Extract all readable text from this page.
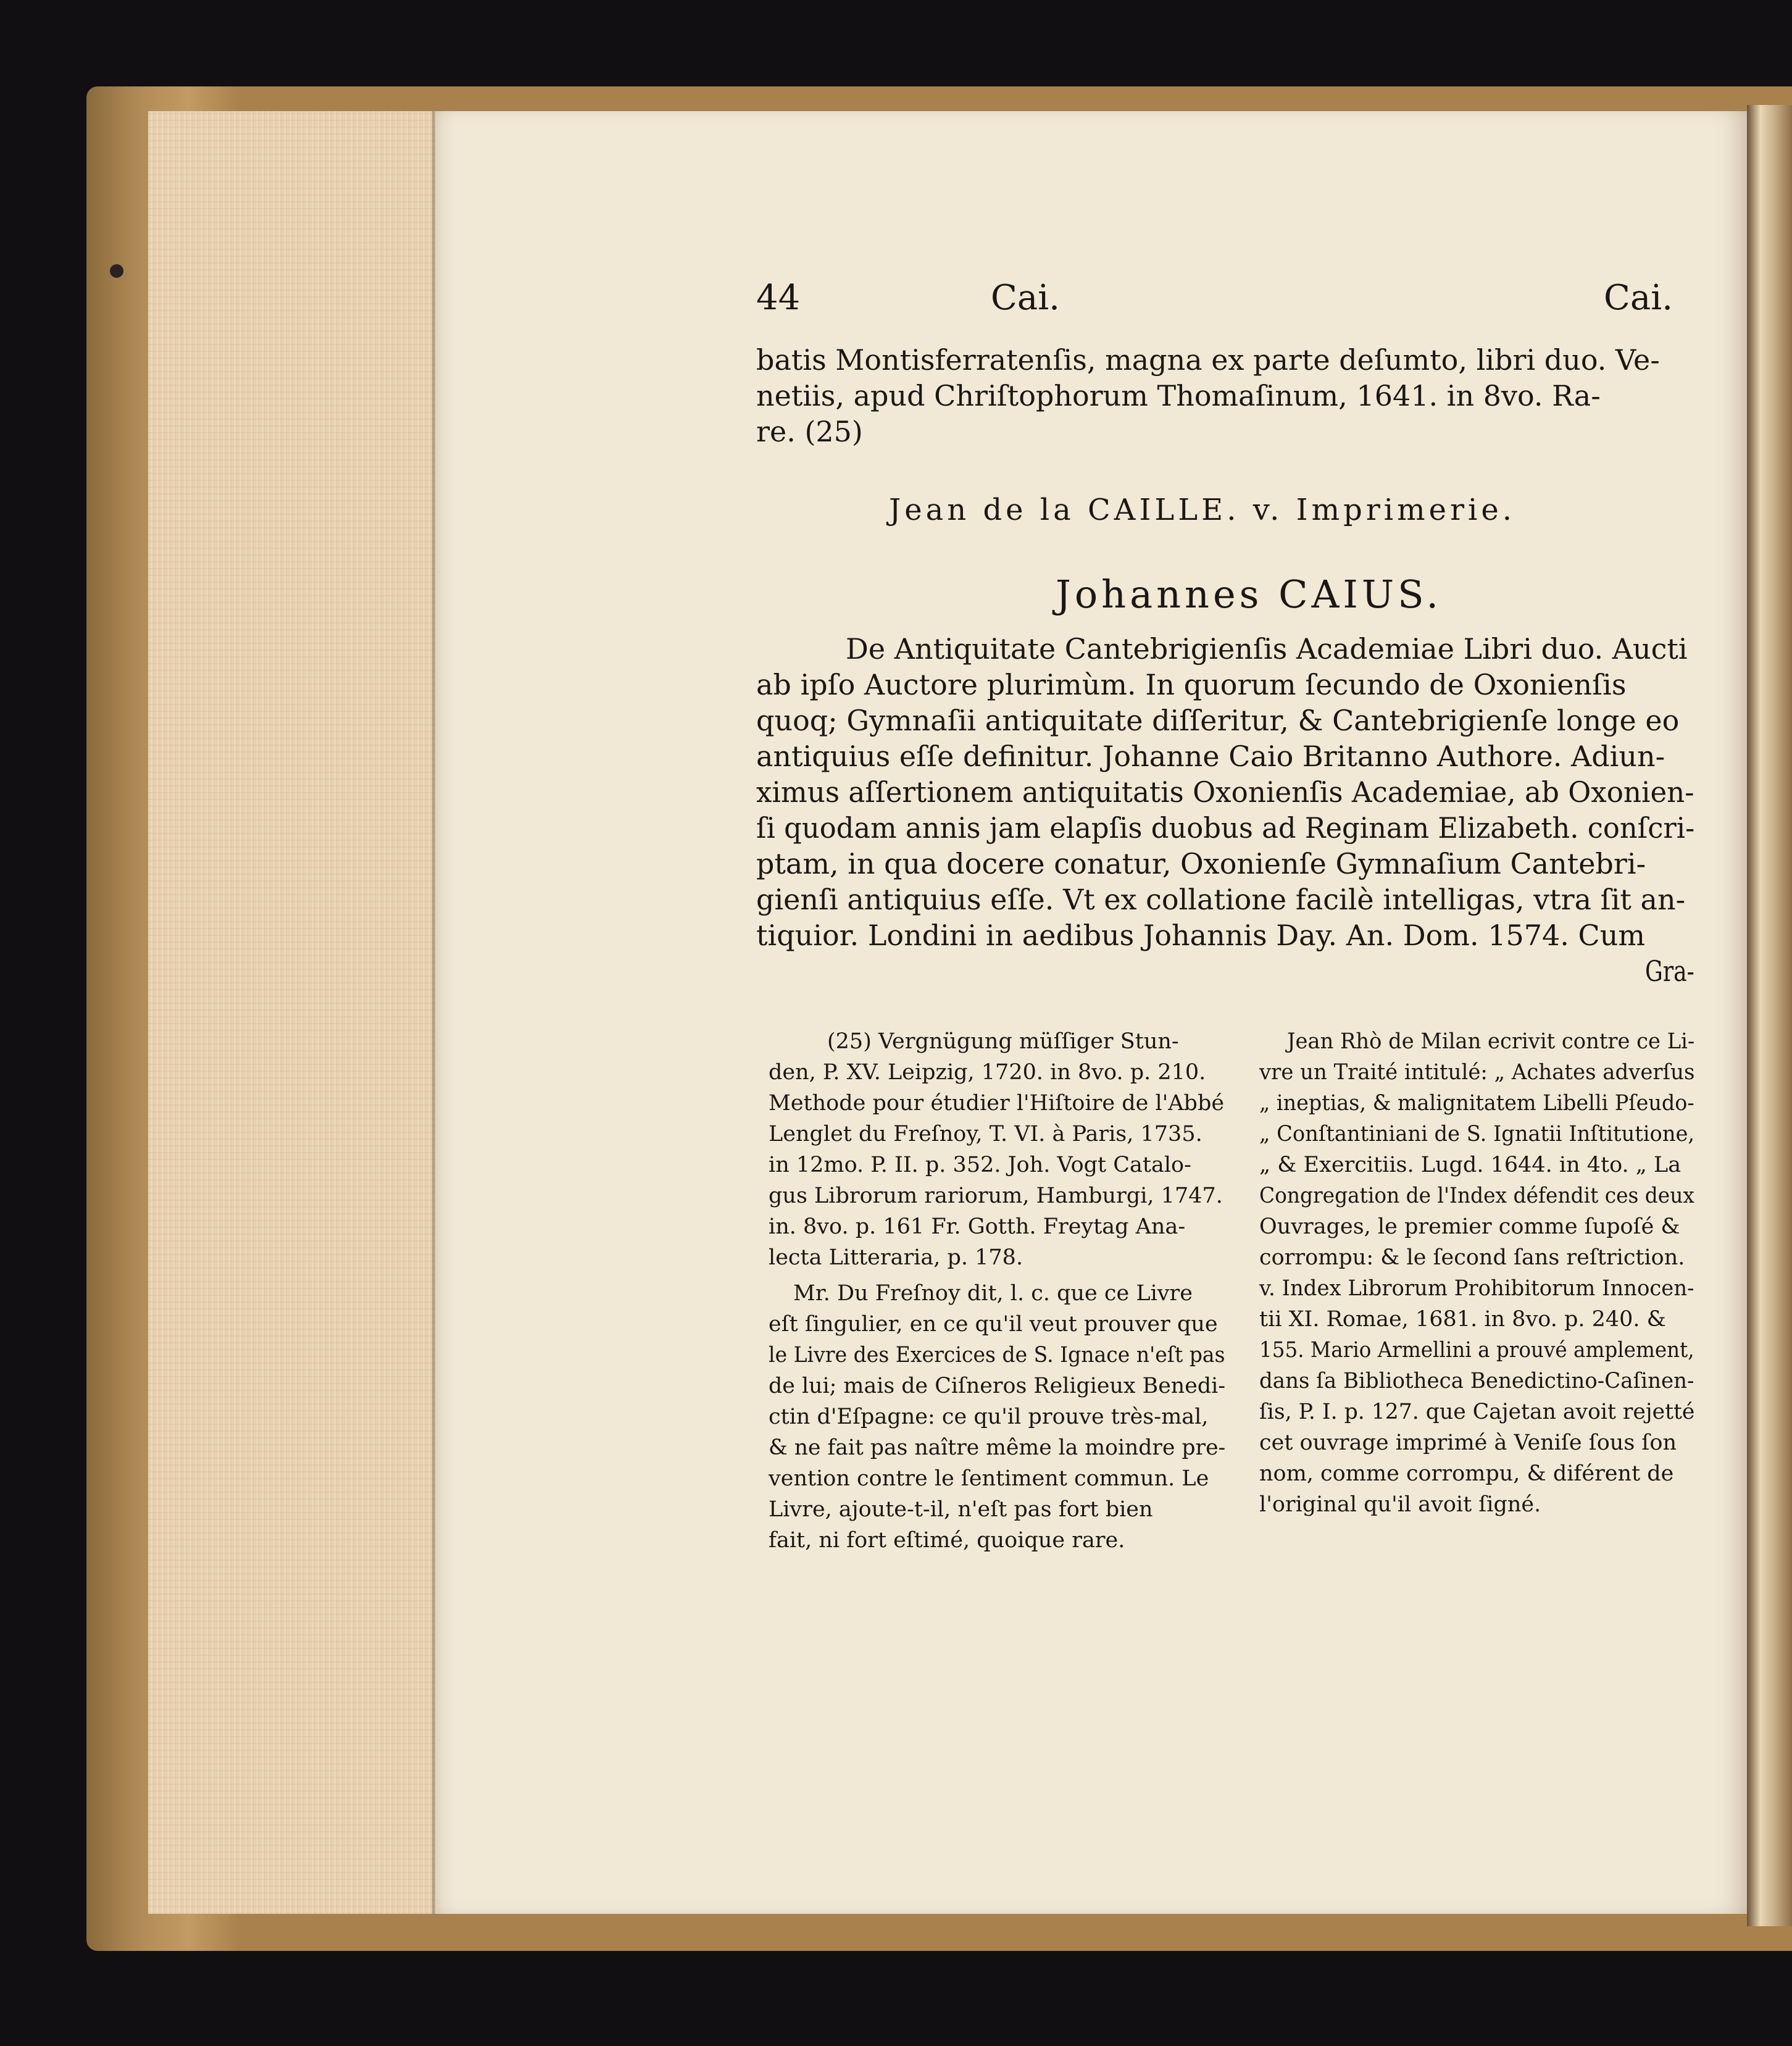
44	Cai.	Cai.
batis Montisferratenſis, magna ex parte deſumto, libri duo. Ve-
netiis, apud Chriſtophorum Thomaſinum, 1641. in 8vo. Ra-
re. (25)
Jean de la CAILLE. v. Imprimerie.
Johannes CAIUS.
De Antiquitate Cantebrigienſis Academiae Libri duo. Aucti
ab ipſo Auctore plurimùm. In quorum ſecundo de Oxonienſis
quoq; Gymnaſii antiquitate diſſeritur, & Cantebrigienſe longe eo
antiquius eſſe definitur. Johanne Caio Britanno Authore. Adiun-
ximus aſſertionem antiquitatis Oxonienſis Academiae, ab Oxonien-
ſi quodam annis jam elapſis duobus ad Reginam Elizabeth. conſcri-
ptam, in qua docere conatur, Oxonienſe Gymnaſium Cantebri-
gienſi antiquius eſſe. Vt ex collatione facilè intelligas, vtra ſit an-
tiquior. Londini in aedibus Johannis Day. An. Dom. 1574. Cum
Gra-
(25) Vergnügung müſſiger Stun-
den, P. XV. Leipzig, 1720. in 8vo. p. 210.
Methode pour étudier l'Hiſtoire de l'Abbé
Lenglet du Freſnoy, T. VI. à Paris, 1735.
in 12mo. P. II. p. 352. Joh. Vogt Catalo-
gus Librorum rariorum, Hamburgi, 1747.
in. 8vo. p. 161 Fr. Gotth. Freytag Ana-
lecta Litteraria, p. 178.
Mr. Du Freſnoy dit, l. c. que ce Livre
eſt ſingulier, en ce qu'il veut prouver que
le Livre des Exercices de S. Ignace n'eſt pas
de lui; mais de Ciſneros Religieux Benedi-
ctin d'Eſpagne: ce qu'il prouve très-mal,
& ne fait pas naître même la moindre pre-
vention contre le ſentiment commun. Le
Livre, ajoute-t-il, n'eſt pas fort bien
fait, ni fort eſtimé, quoique rare.
Jean Rhò de Milan ecrivit contre ce Li-
vre un Traité intitulé: „ Achates adverſus
„ ineptias, & malignitatem Libelli Pſeudo-
„ Conſtantiniani de S. Ignatii Inſtitutione,
„ & Exercitiis. Lugd. 1644. in 4to. „ La
Congregation de l'Index défendit ces deux
Ouvrages, le premier comme ſupoſé &
corrompu: & le ſecond ſans reſtriction.
v. Index Librorum Prohibitorum Innocen-
tii XI. Romae, 1681. in 8vo. p. 240. &
155. Mario Armellini a prouvé amplement,
dans ſa Bibliotheca Benedictino-Caſinen-
ſis, P. I. p. 127. que Cajetan avoit rejetté
cet ouvrage imprimé à Veniſe ſous ſon
nom, comme corrompu, & diférent de
l'original qu'il avoit ſigné.
